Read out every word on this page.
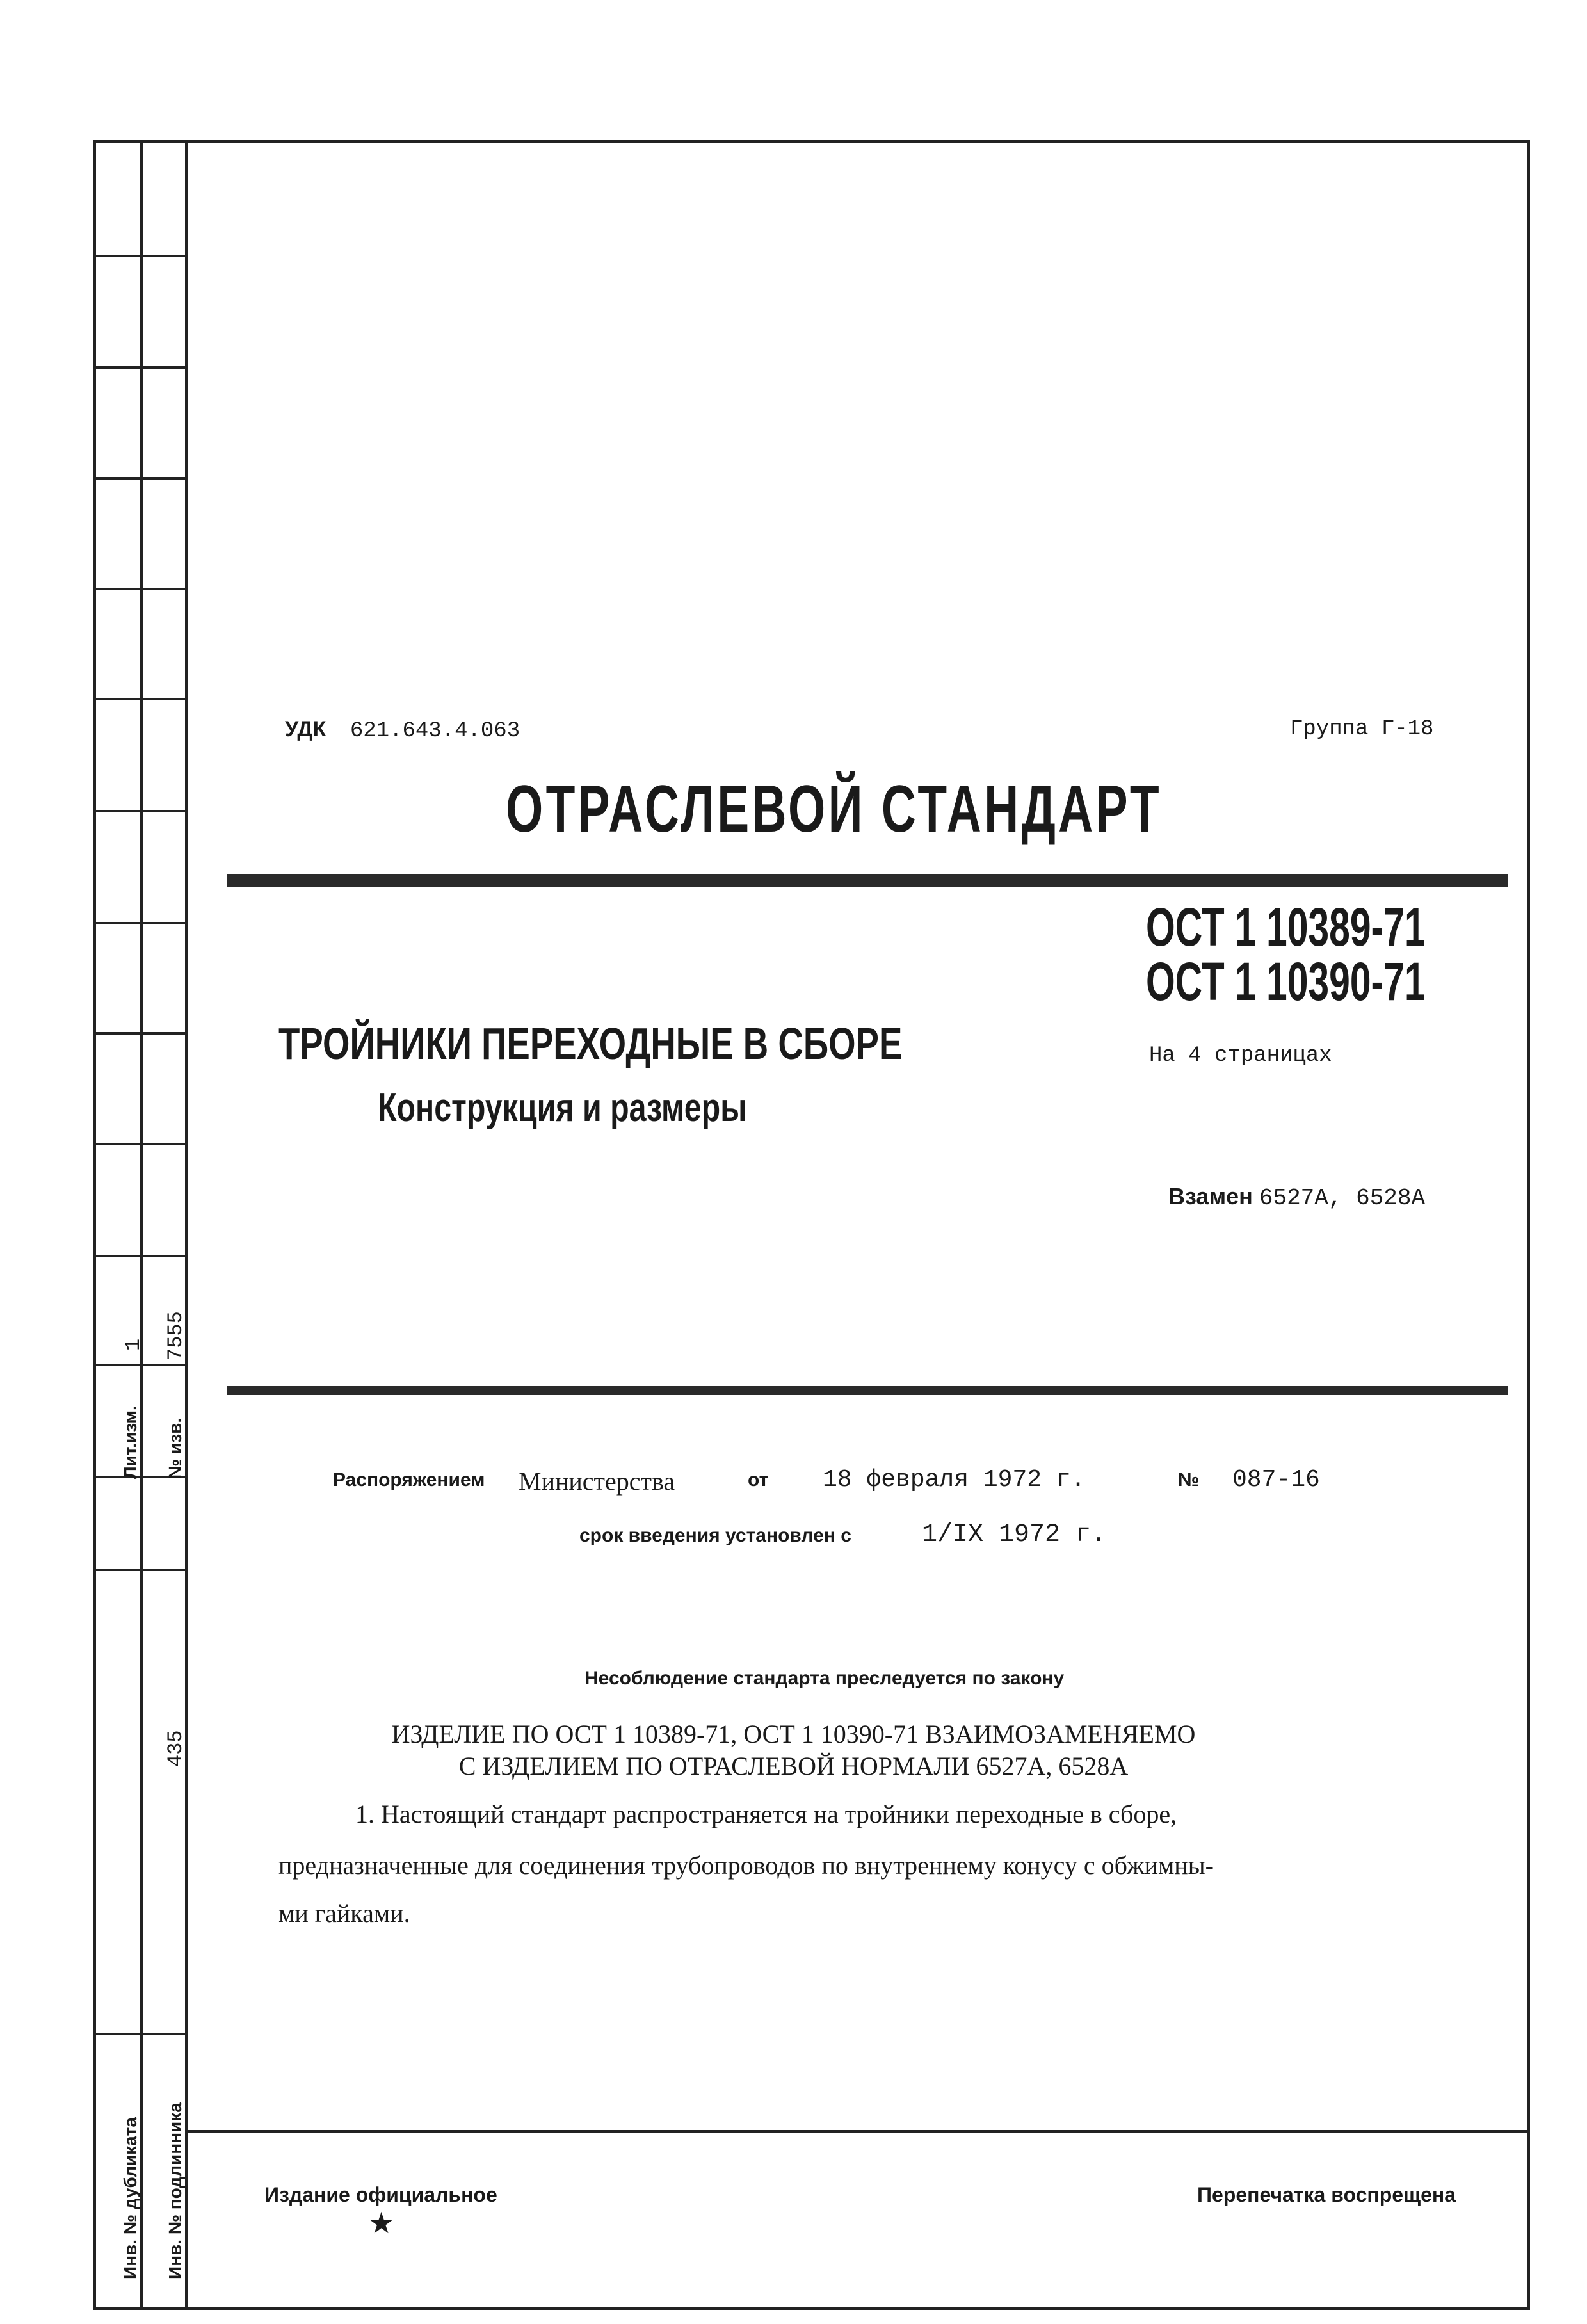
Лит.изм.
1
№ изв.
7555
Инв. № дубликата Инв. № подлинника
435
УДК 621.643.4.063	Группа Г-18
ОТРАСЛЕВОЙ СТАНДАРТ
ОСТ 1 10389-71
ОСТ 1 10390-71
ТРОЙНИКИ ПЕРЕХОДНЫЕ В СБОРЕ
Конструкция и размеры
На 4 страницах
Взамен 6527А, 6528А
Распоряжением Министерства	от 18 февраля 1972 г.	№ 087-16
срок введения установлен с	1/IX 1972 г.
Несоблюдение стандарта преследуется по закону
ИЗДЕЛИЕ ПО ОСТ 1 10389-71, ОСТ 1 10390-71 ВЗАИМОЗАМЕНЯЕМО
С ИЗДЕЛИЕМ ПО ОТРАСЛЕВОЙ НОРМАЛИ 6527А, 6528А
1. Настоящий стандарт распространяется на тройники переходные в сборе,
предназначенные для соединения трубопроводов по внутреннему конусу с обжимны-
ми гайками.
Издание официальное
★
Перепечатка воспрещена
